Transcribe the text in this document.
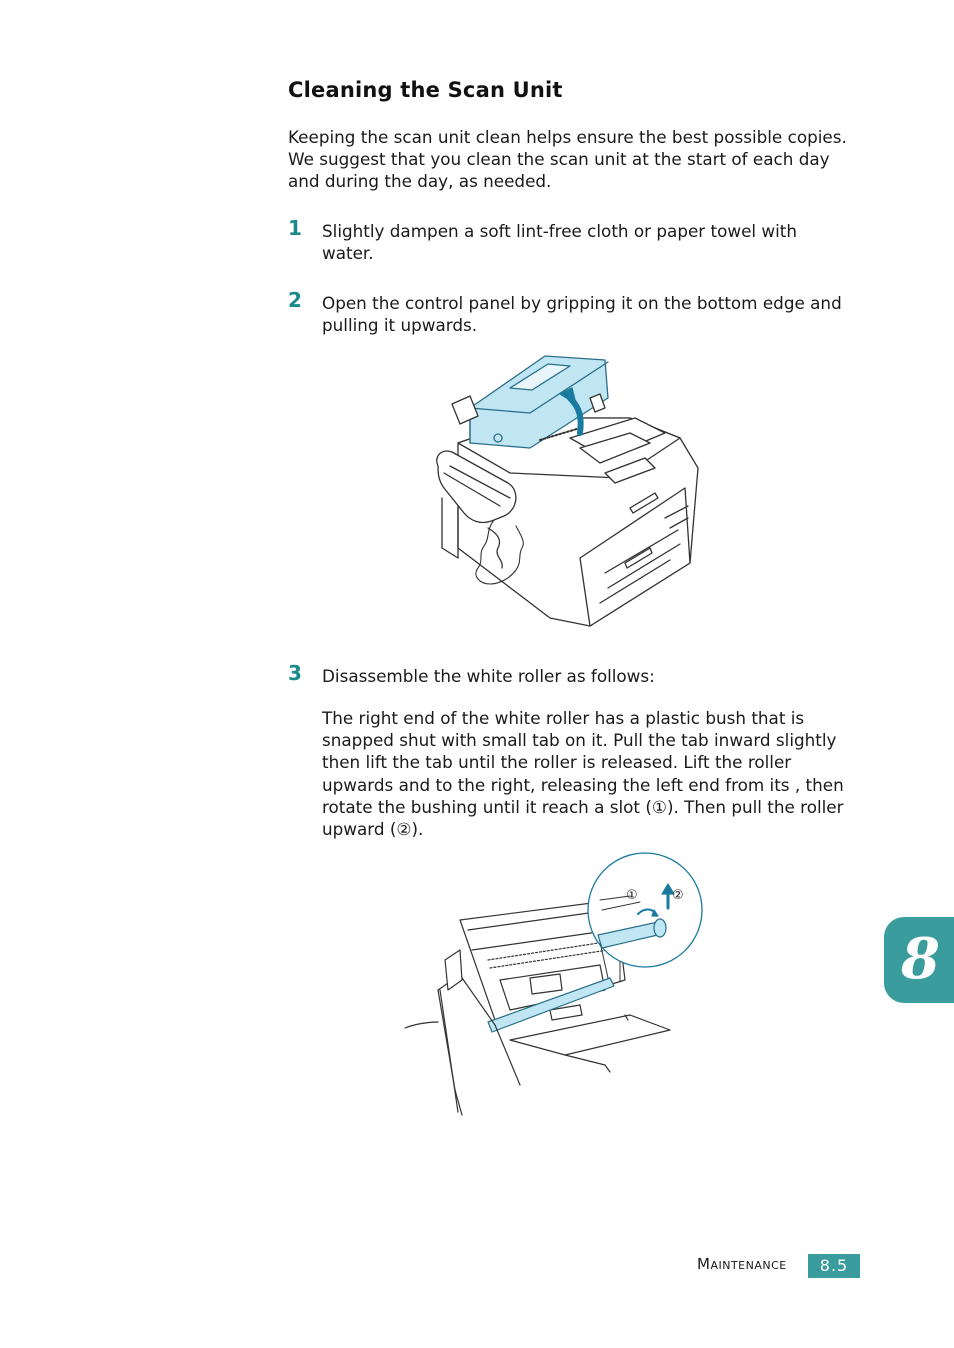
Cleaning the Scan Unit

Keeping the scan unit clean helps ensure the best possible copies. We suggest that you clean the scan unit at the start of each day and during the day, as needed.

1 Slightly dampen a soft lint-free cloth or paper towel with water.

2 Open the control panel by gripping it on the bottom edge and pulling it upwards.

3 Disassemble the white roller as follows:

The right end of the white roller has a plastic bush that is snapped shut with small tab on it. Pull the tab inward slightly then lift the tab until the roller is released. Lift the roller upwards and to the right, releasing the left end from its , then rotate the bushing until it reach a slot (①). Then pull the roller upward (②).

①	②
8
Maintenance	8.5
